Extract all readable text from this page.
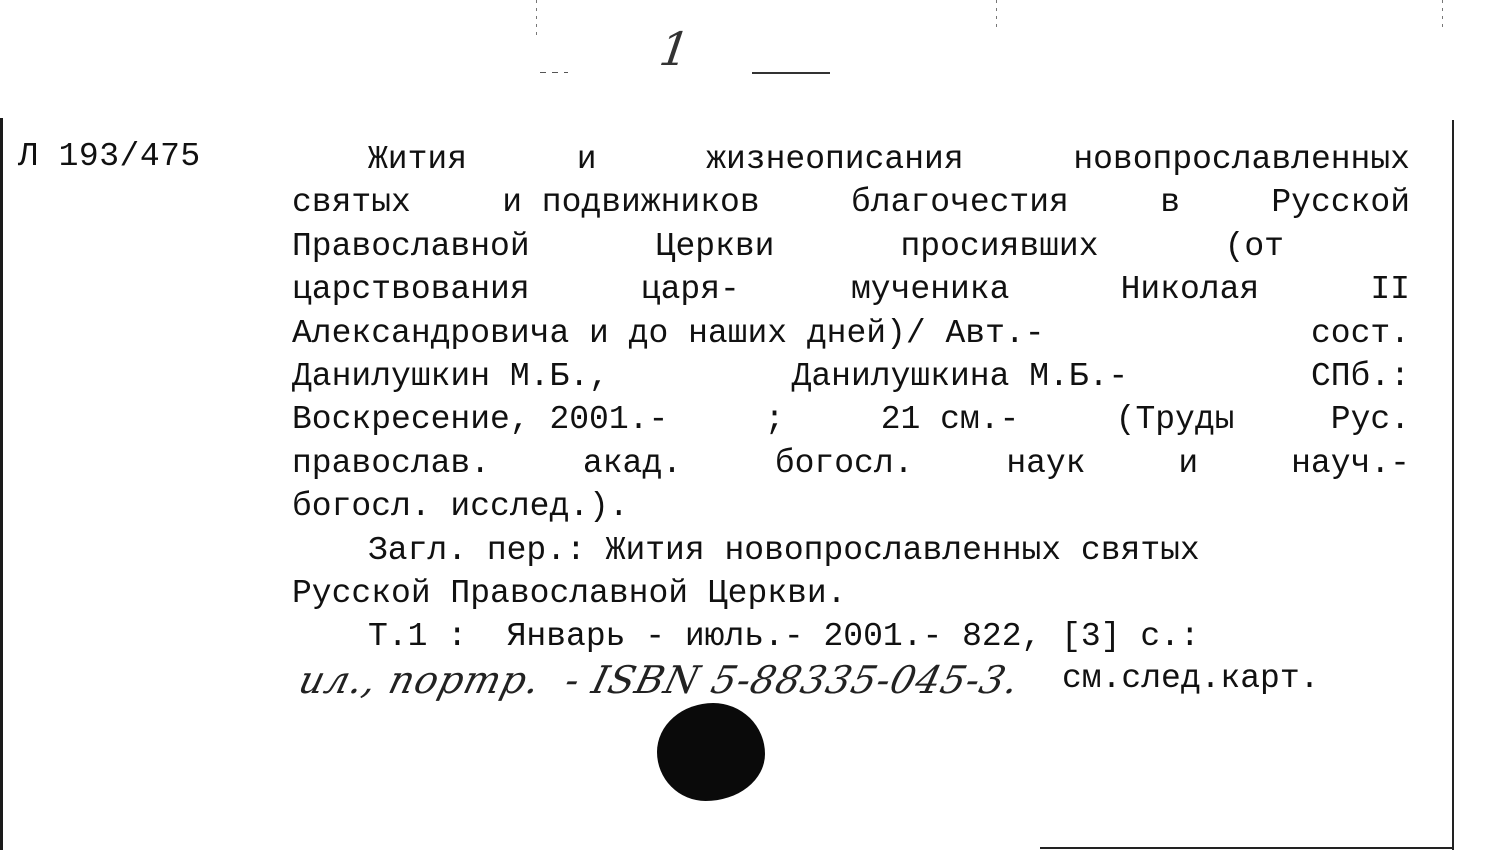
1
Л 193/475	Жития	и	жизнеописания	новопрославленных
святых	и подвижников	благочестия	в	Русской
Православной	Церкви	просиявших	(от
царствования	царя-	мученика	Николая	II
Александровича и до наших дней)/ Авт.-	сост.
Данилушкин М.Б.,	Данилушкина М.Б.-	СПб.:
Воскресение, 2001.-	;	21 см.-	(Труды	Рус.
православ.	акад.	богосл.	наук	и	науч.-
богосл. исслед.).
Загл. пер.: Жития новопрославленных святых
Русской Православной Церкви.
Т.1 :  Январь - июль.- 2001.- 822, [3] с.:
ил., портр.  - ISBN 5-88335-045-3. см.след.карт.
